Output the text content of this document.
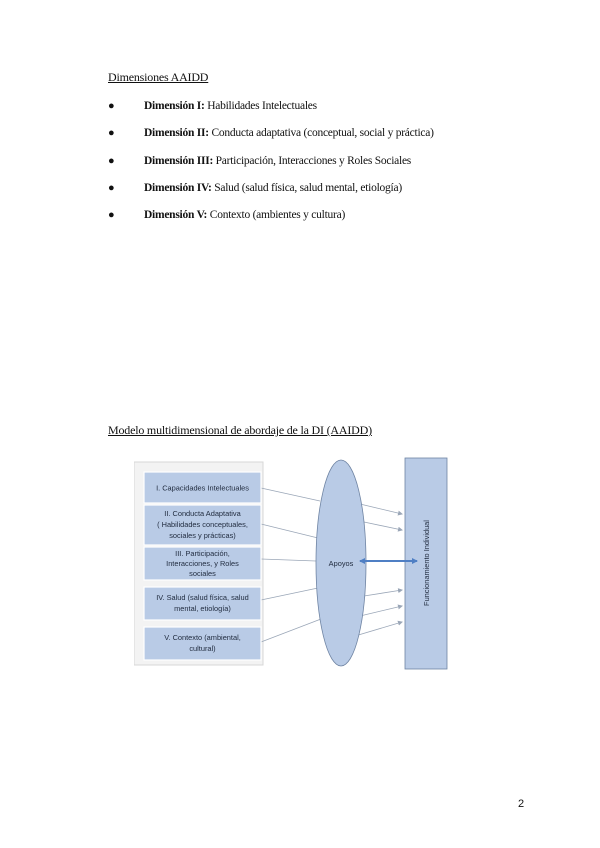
Dimensiones AAIDD
●	Dimensión I: Habilidades Intelectuales
●	Dimensión II: Conducta adaptativa (conceptual, social y práctica)
●	Dimensión III: Participación, Interacciones y Roles Sociales
●	Dimensión IV: Salud (salud física, salud mental, etiología)
●	Dimensión V: Contexto (ambientes y cultura)
Modelo multidimensional de abordaje de la DI (AAIDD)
I. Capacidades Intelectuales
II. Conducta Adaptativa
( Habilidades conceptuales,
sociales y prácticas)
III. Participación,
Interacciones, y Roles
sociales
IV. Salud (salud física, salud
mental, etiología)
V. Contexto (ambiental,
cultural)
Apoyos	Funcionamiento Individual
2
